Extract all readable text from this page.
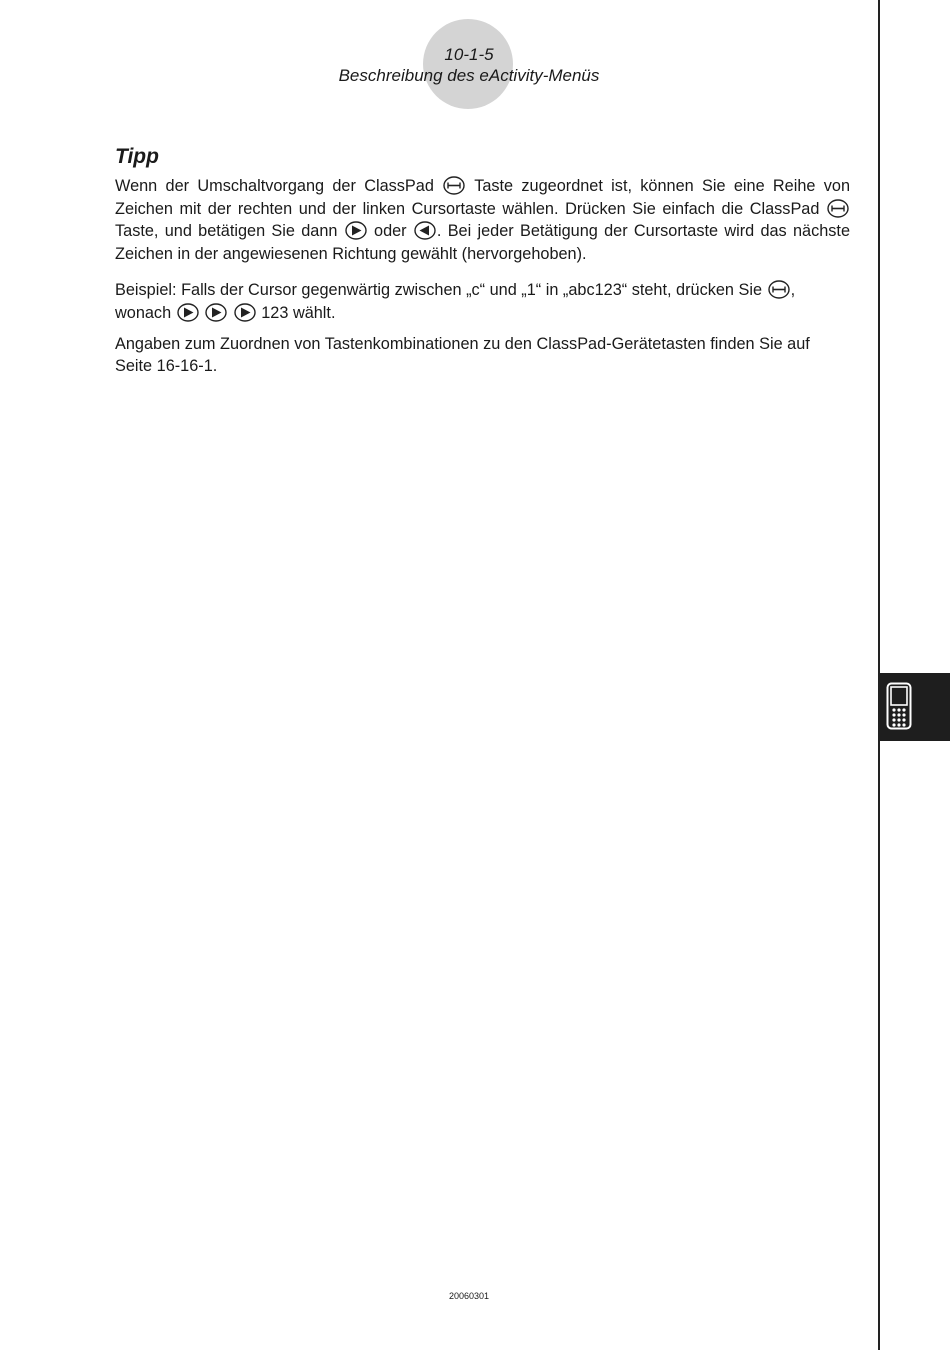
10-1-5
Beschreibung des eActivity-Menüs
Tipp

Wenn der Umschaltvorgang der ClassPad Taste zugeordnet ist, können Sie eine Reihe von Zeichen mit der rechten und der linken Cursortaste wählen. Drücken Sie einfach die ClassPad  Taste, und betätigen Sie dann oder . Bei jeder Betätigung der Cursortaste wird das nächste Zeichen in der angewiesenen Richtung gewählt (hervorgehoben).

Beispiel: Falls der Cursor gegenwärtig zwischen „c“ und „1“ in „abc123“ steht, drücken Sie ,
wonach	123 wählt.

Angaben zum Zuordnen von Tastenkombinationen zu den ClassPad-Gerätetasten finden Sie auf Seite 16-16-1.

20060301
